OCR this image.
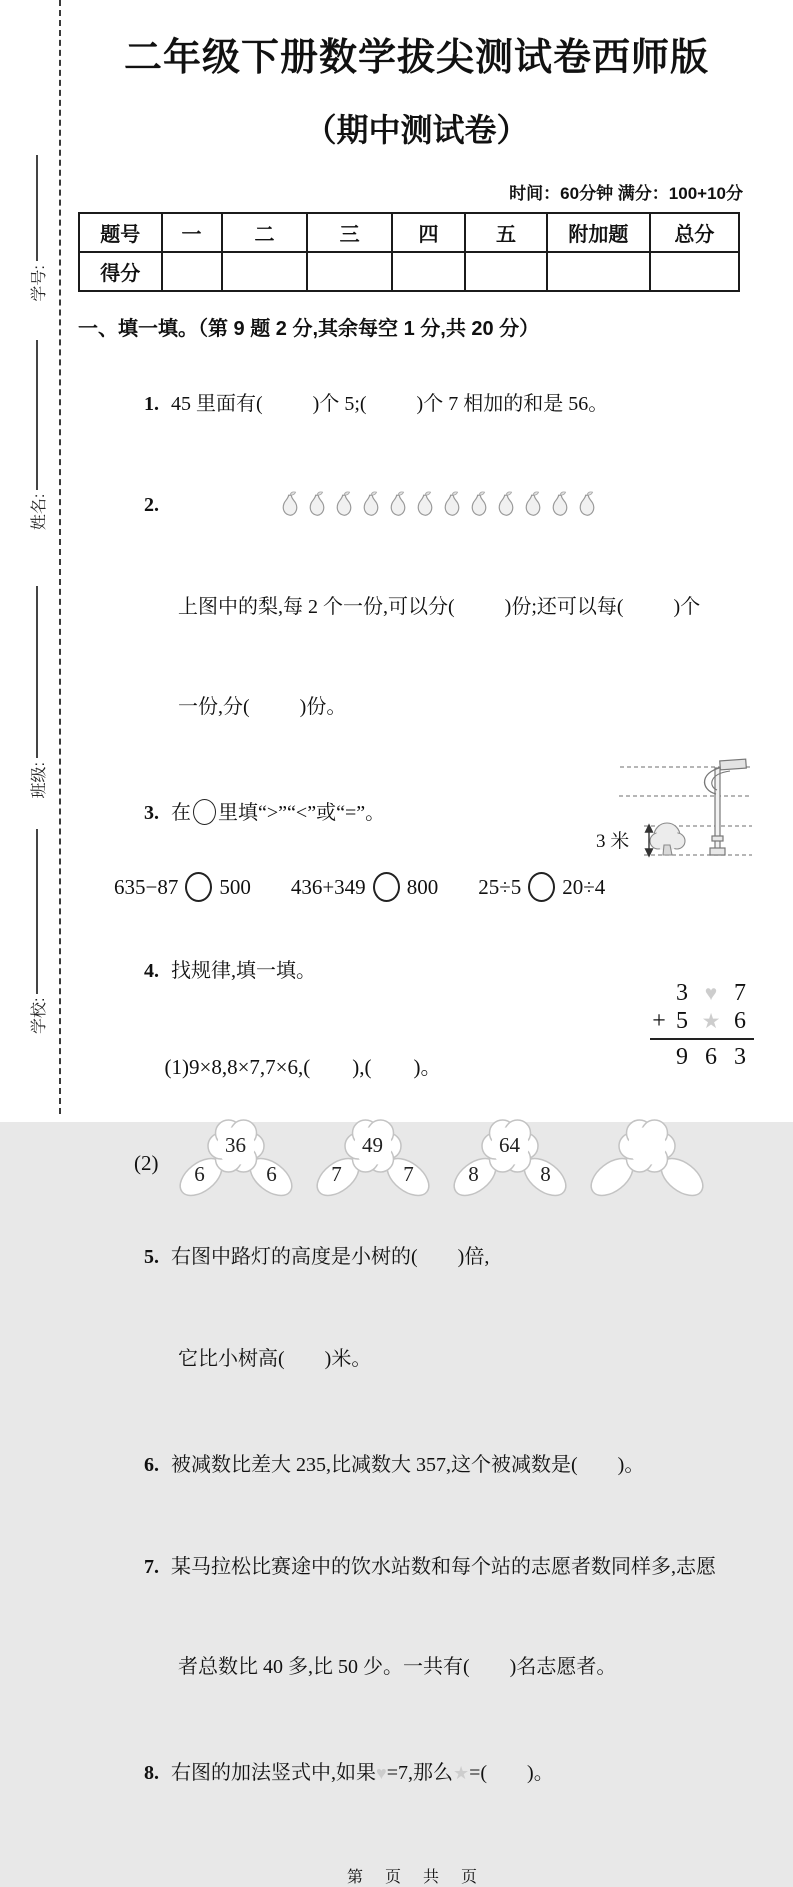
学校:
班级:
姓名:
学号:
二年级下册数学拔尖测试卷西师版
（期中测试卷）
时间：60分钟 满分：100+10分
题号	一	二	三	四	五	附加题	总分
得分							
一、填一填。（第 9 题 2 分,其余每空 1 分,共 20 分）

1. 45 里面有(          )个 5;(          )个 7 相加的和是 56。

2.

上图中的梨,每 2 个一份,可以分(          )份;还可以每(          )个

一份,分(          )份。

3. 在 里填“>”“<”或“=”。

635−87 500 436+349 800 25÷5 20÷4

4. 找规律,填一填。

(1)9×8,8×7,7×6,(        ),(        )。

(2)
36
6	6
49
7	7
64
8	8

5. 右图中路灯的高度是小树的(        )倍,

它比小树高(        )米。

6. 被减数比差大 235,比减数大 357,这个被减数是(        )。

7. 某马拉松比赛途中的饮水站数和每个站的志愿者数同样多,志愿

者总数比 40 多,比 50 少。一共有(        )名志愿者。

8. 右图的加法竖式中,如果♥=7,那么★=(        )。

第 页 共 页
3 米
3 ♥ 7
+ 5 ★ 6
9 6 3
